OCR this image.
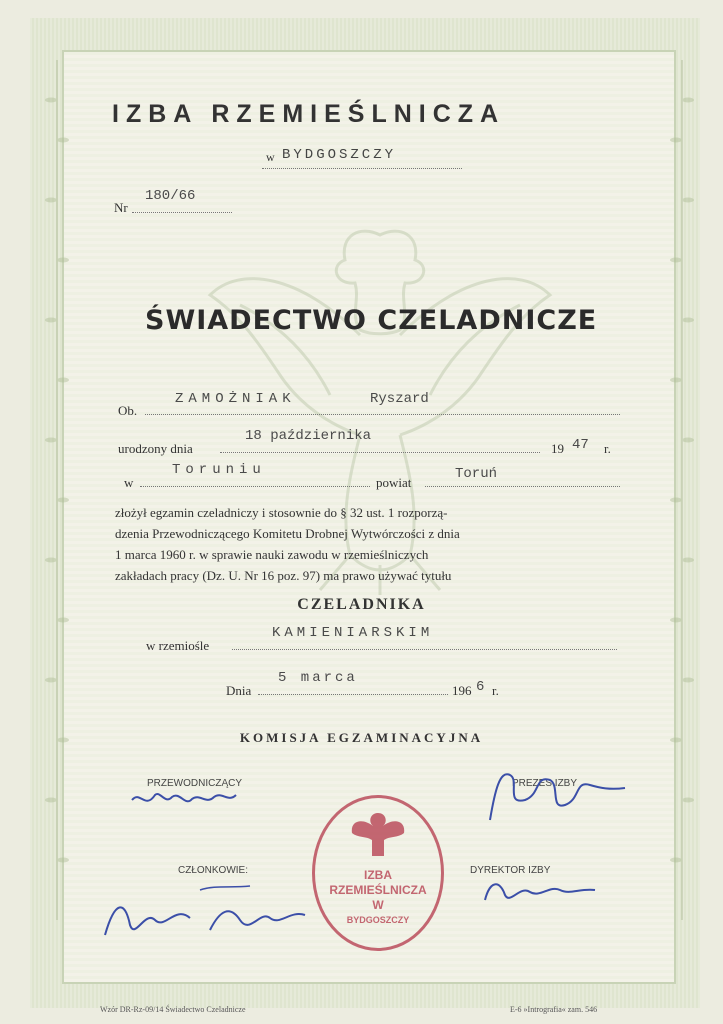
IZBA RZEMIEŚLNICZA
w BYDGOSZCZY
Nr
180/66
ŚWIADECTWO CZELADNICZE
Ob.
ZAMOŻNIAK	Ryszard
urodzony dnia
18 października
19 47 r.
w
Toruniu
powiat
Toruń
złożył egzamin czeladniczy i stosownie do § 32 ust. 1 rozporzą-
dzenia Przewodniczącego Komitetu Drobnej Wytwórczości z dnia
1 marca 1960 r. w sprawie nauki zawodu w rzemieślniczych
zakładach pracy (Dz. U. Nr 16 poz. 97) ma prawo używać tytułu
CZELADNIKA
w rzemiośle
KAMIENIARSKIM
Dnia
5 marca
196 6 r.
KOMISJA EGZAMINACYJNA
PRZEWODNICZĄCY	PREZES IZBY
CZŁONKOWIE:	DYREKTOR IZBY
IZBA
RZEMIEŚLNICZA
W
BYDGOSZCZY
Wzór DR-Rz-09/14 Świadectwo Czeladnicze	E-6 »Intrografia« zam. 546
